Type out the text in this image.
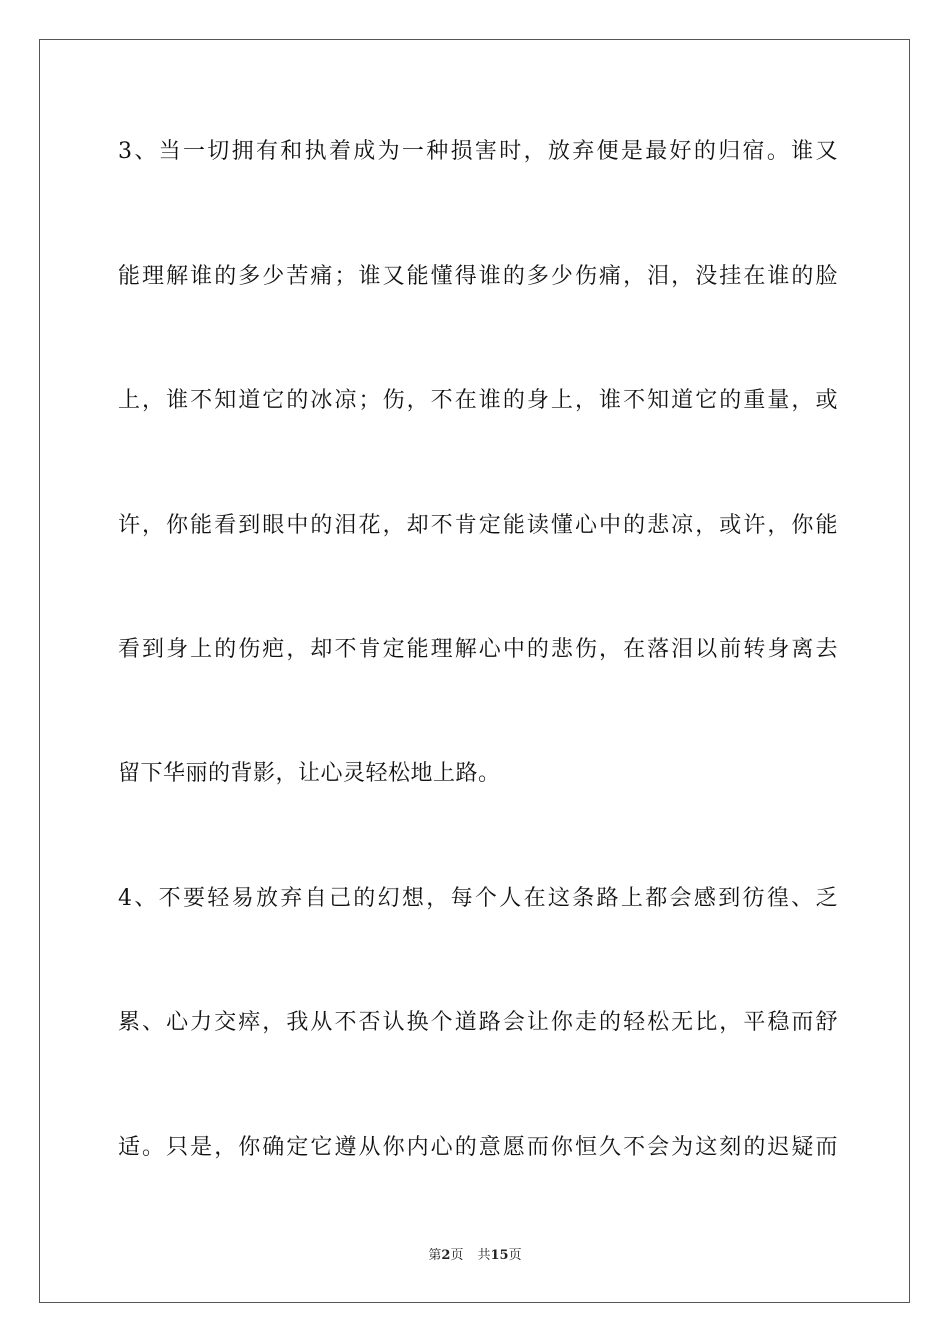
3、当一切拥有和执着成为一种损害时，放弃便是最好的归宿。谁又
能理解谁的多少苦痛；谁又能懂得谁的多少伤痛，泪，没挂在谁的脸
上，谁不知道它的冰凉；伤，不在谁的身上，谁不知道它的重量，或
许，你能看到眼中的泪花，却不肯定能读懂心中的悲凉，或许，你能
看到身上的伤疤，却不肯定能理解心中的悲伤，在落泪以前转身离去
留下华丽的背影，让心灵轻松地上路。
4、不要轻易放弃自己的幻想，每个人在这条路上都会感到彷徨、乏
累、心力交瘁，我从不否认换个道路会让你走的轻松无比，平稳而舒
适。只是，你确定它遵从你内心的意愿而你恒久不会为这刻的迟疑而
第2页 共15页
